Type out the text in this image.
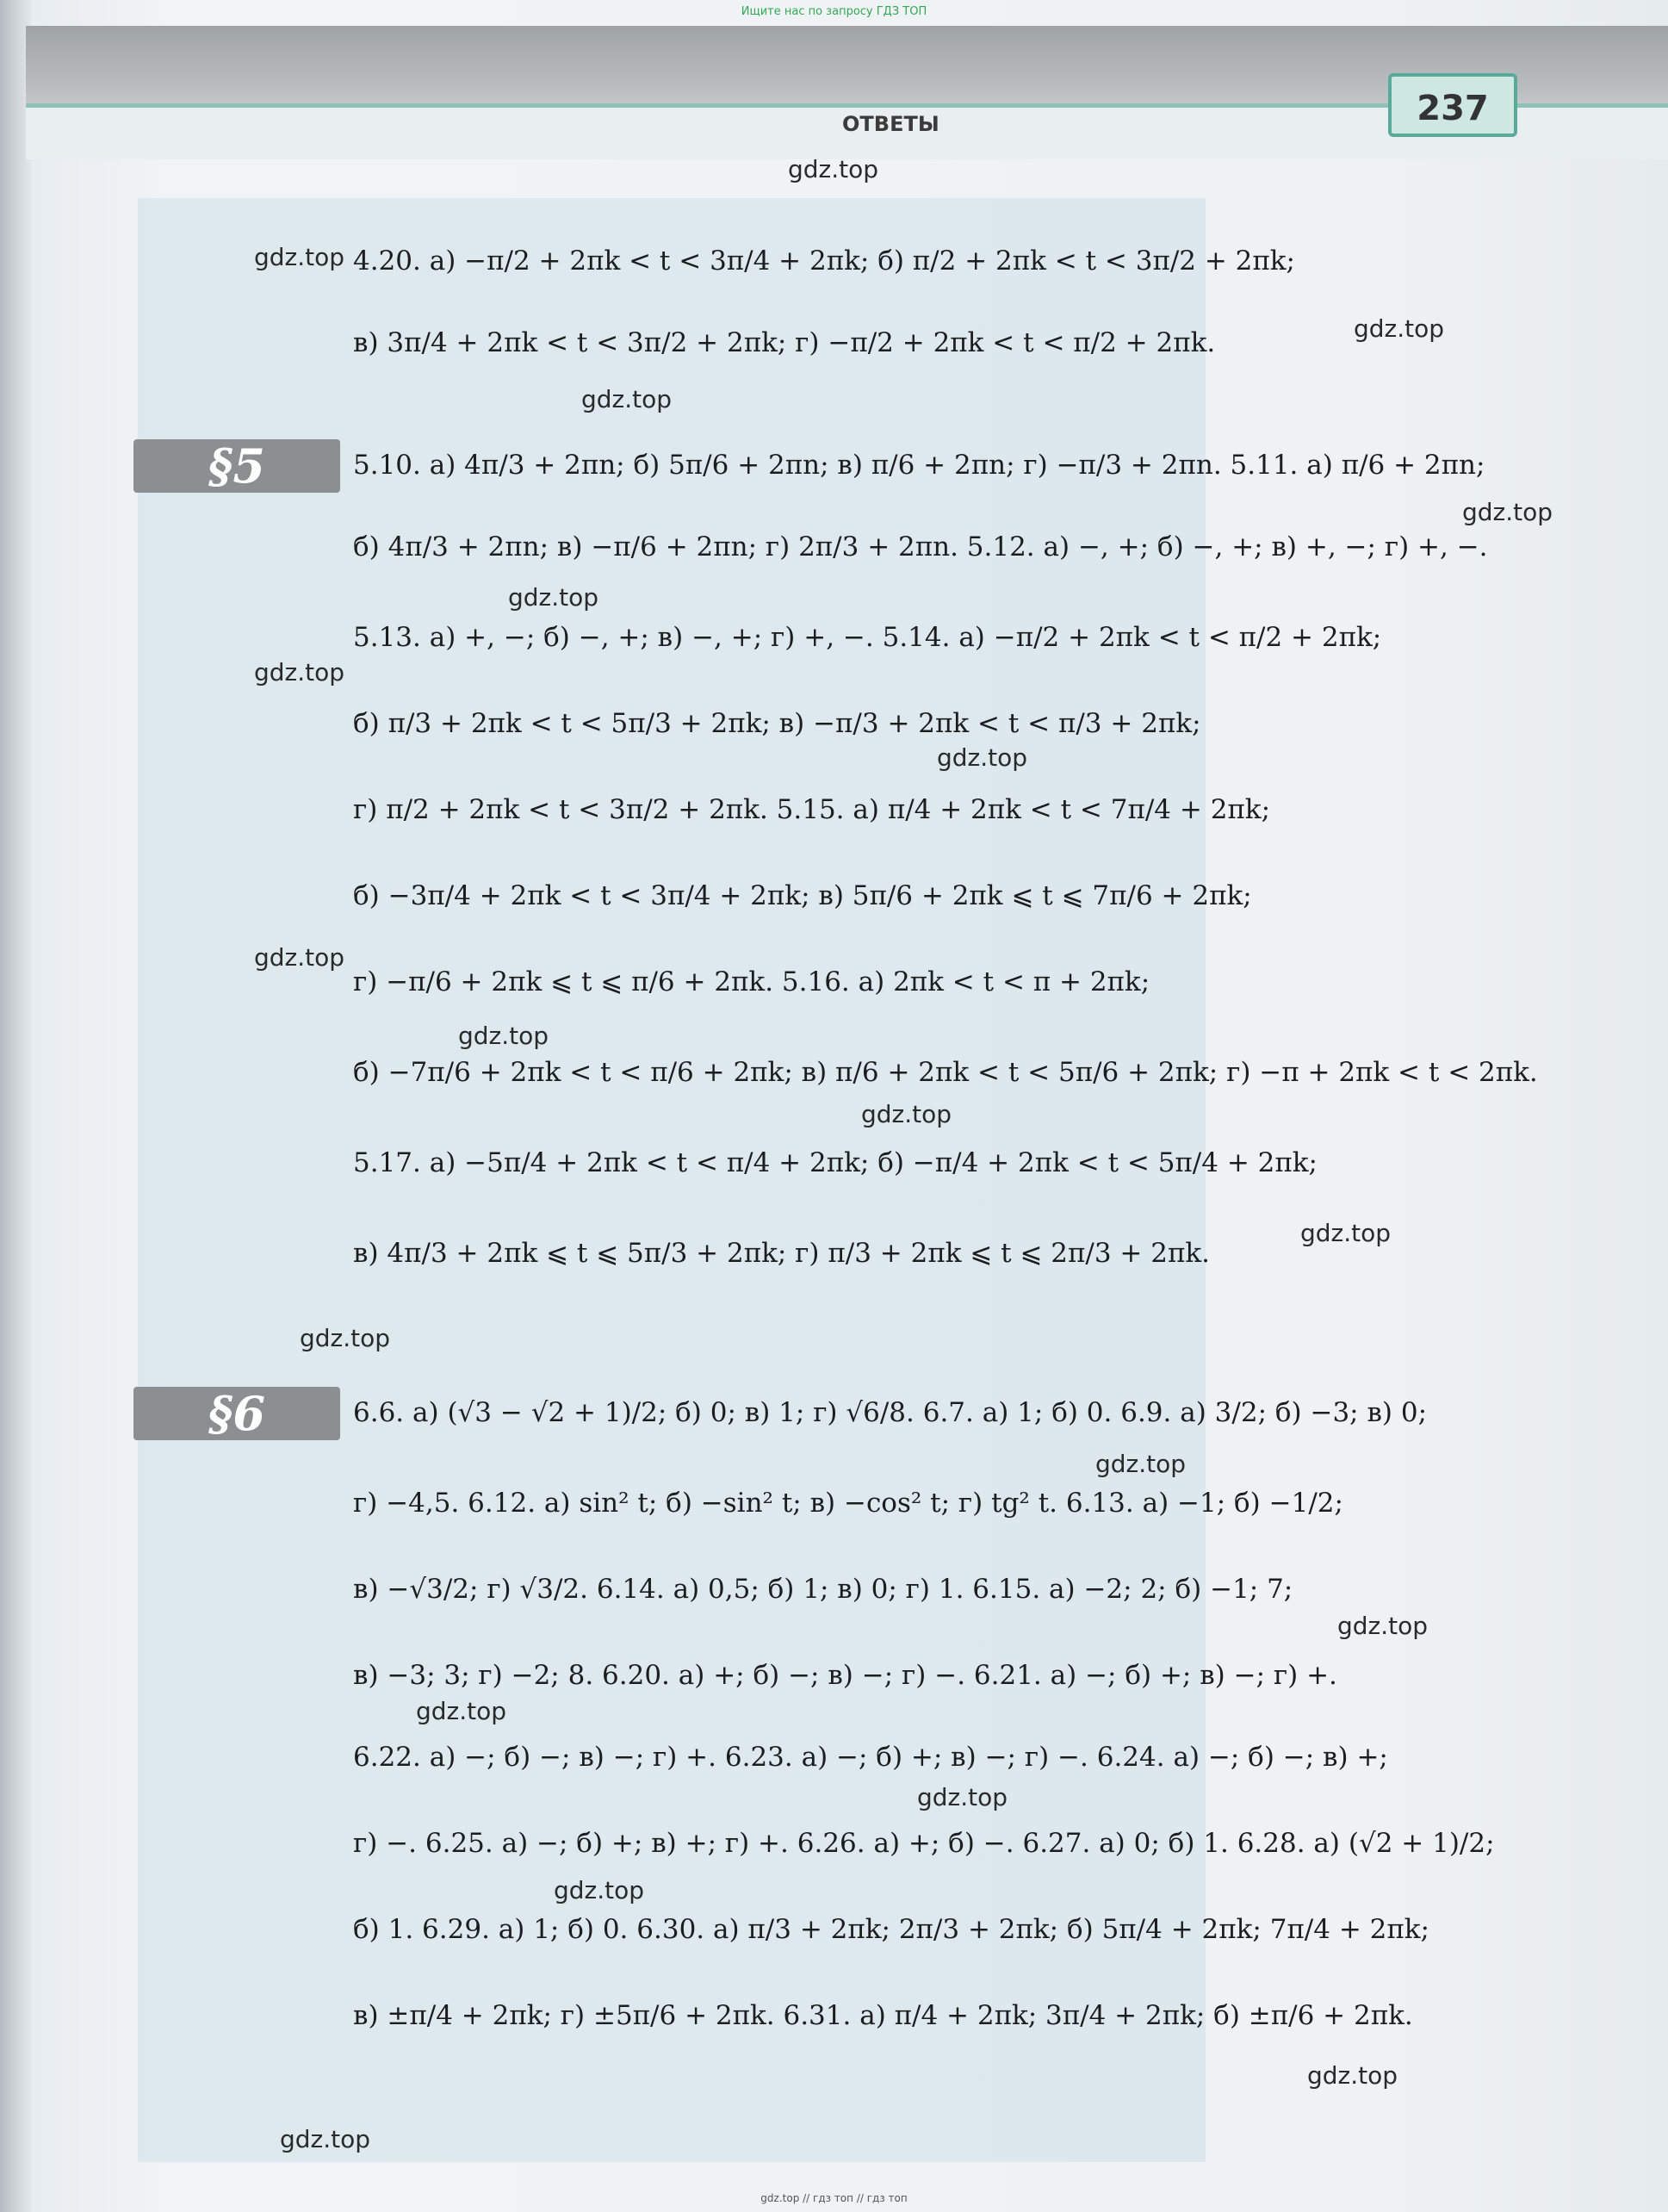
Ищите нас по запросу ГДЗ ТОП
ОТВЕТЫ	237
§5
§6
4.20. а) −π/2 + 2πk < t < 3π/4 + 2πk; б) π/2 + 2πk < t < 3π/2 + 2πk;
в) 3π/4 + 2πk < t < 3π/2 + 2πk; г) −π/2 + 2πk < t < π/2 + 2πk.
5.10. а) 4π/3 + 2πn; б) 5π/6 + 2πn; в) π/6 + 2πn; г) −π/3 + 2πn. 5.11. а) π/6 + 2πn;
б) 4π/3 + 2πn; в) −π/6 + 2πn; г) 2π/3 + 2πn. 5.12. а) −, +; б) −, +; в) +, −; г) +, −.
5.13. а) +, −; б) −, +; в) −, +; г) +, −. 5.14. а) −π/2 + 2πk < t < π/2 + 2πk;
б) π/3 + 2πk < t < 5π/3 + 2πk; в) −π/3 + 2πk < t < π/3 + 2πk;
г) π/2 + 2πk < t < 3π/2 + 2πk. 5.15. а) π/4 + 2πk < t < 7π/4 + 2πk;
б) −3π/4 + 2πk < t < 3π/4 + 2πk; в) 5π/6 + 2πk ⩽ t ⩽ 7π/6 + 2πk;
г) −π/6 + 2πk ⩽ t ⩽ π/6 + 2πk. 5.16. а) 2πk < t < π + 2πk;
б) −7π/6 + 2πk < t < π/6 + 2πk; в) π/6 + 2πk < t < 5π/6 + 2πk; г) −π + 2πk < t < 2πk.
5.17. а) −5π/4 + 2πk < t < π/4 + 2πk; б) −π/4 + 2πk < t < 5π/4 + 2πk;
в) 4π/3 + 2πk ⩽ t ⩽ 5π/3 + 2πk; г) π/3 + 2πk ⩽ t ⩽ 2π/3 + 2πk.
6.6. а) (√3 − √2 + 1)/2; б) 0; в) 1; г) √6/8. 6.7. а) 1; б) 0. 6.9. а) 3/2; б) −3; в) 0;
г) −4,5. 6.12. а) sin² t; б) −sin² t; в) −cos² t; г) tg² t. 6.13. а) −1; б) −1/2;
в) −√3/2; г) √3/2. 6.14. а) 0,5; б) 1; в) 0; г) 1. 6.15. а) −2; 2; б) −1; 7;
в) −3; 3; г) −2; 8. 6.20. а) +; б) −; в) −; г) −. 6.21. а) −; б) +; в) −; г) +.
6.22. а) −; б) −; в) −; г) +. 6.23. а) −; б) +; в) −; г) −. 6.24. а) −; б) −; в) +;
г) −. 6.25. а) −; б) +; в) +; г) +. 6.26. а) +; б) −. 6.27. а) 0; б) 1. 6.28. а) (√2 + 1)/2;
б) 1. 6.29. а) 1; б) 0. 6.30. а) π/3 + 2πk; 2π/3 + 2πk; б) 5π/4 + 2πk; 7π/4 + 2πk;
в) ±π/4 + 2πk; г) ±5π/6 + 2πk. 6.31. а) π/4 + 2πk; 3π/4 + 2πk; б) ±π/6 + 2πk.
gdz.top
gdz.top
gdz.top
gdz.top
gdz.top
gdz.top
gdz.top
gdz.top
gdz.top
gdz.top
gdz.top
gdz.top
gdz.top
gdz.top
gdz.top
gdz.top
gdz.top
gdz.top
gdz.top
gdz.top
gdz.top // гдз топ // гдз топ
